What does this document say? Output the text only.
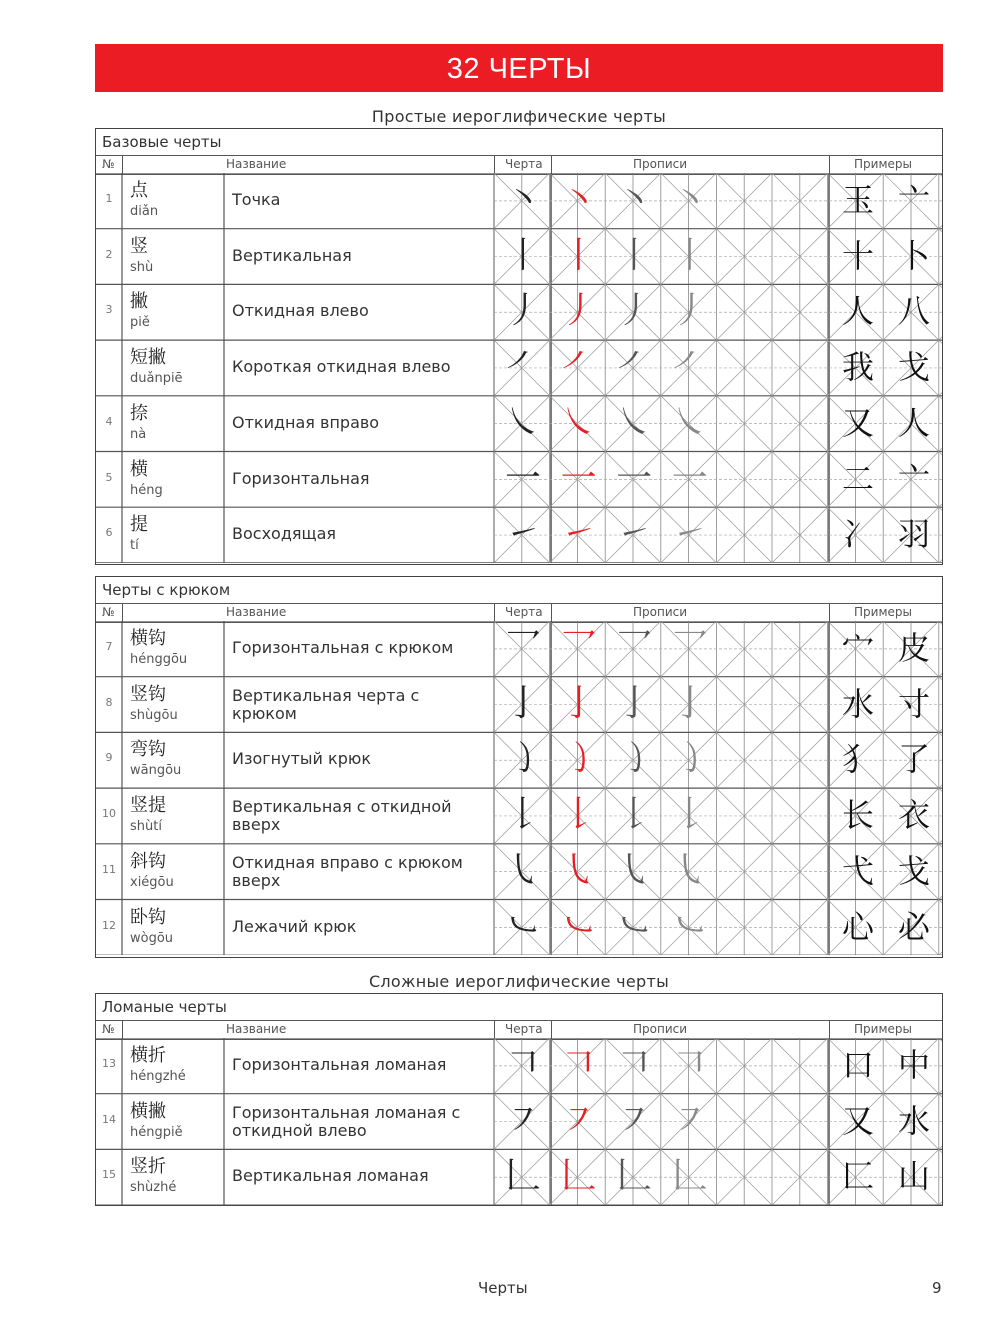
32 ЧЕРТЫ
Простые иероглифические черты
Сложные иероглифические черты
Базовые черты
№	Название	Черта	Прописи	Примеры
1 点
diǎn
Точка	㇔ ㇔ ㇔ ㇔	玉 亠
2 竖
shù
Вертикальная	丨 丨 丨 丨	十 卜
3 撇
piě
Откидная влево	丿 丿 丿 丿	人 八
短撇
duǎnpiē
Короткая откидная влево	㇒ ㇒ ㇒ ㇒	我 戈
4 捺
nà
Откидная вправо	㇏ ㇏ ㇏ ㇏	又 人
5 横
héng
Горизонтальная	一 一 一 一	二 亠
6 提
tí
Восходящая	㇀ ㇀ ㇀ ㇀	冫 羽
Черты с крюком
№	Название	Черта	Прописи	Примеры
7 横钩
hénggōu
Горизонтальная с крюком	乛 乛 乛 乛	宀 皮
8 竖钩
shùgōu
Вертикальная черта с крюком	亅 亅 亅 亅	水 寸
9 弯钩
wāngōu
Изогнутый крюк	㇁ ㇁ ㇁ ㇁	犭 了
10 竖提
shùtí
Вертикальная с откидной вверх	𠄌 𠄌 𠄌 𠄌	长 衣
11 斜钩
xiégōu
Откидная вправо с крюком вверх	㇂ ㇂ ㇂ ㇂	弋 戈
12 卧钩
wògōu
Лежачий крюк	㇃ ㇃ ㇃ ㇃	心 必
Ломаные черты
№	Название	Черта	Прописи	Примеры
13 横折
héngzhé
Горизонтальная ломаная	𠃍 𠃍 𠃍 𠃍	口 中
14 横撇
héngpiě
Горизонтальная ломаная с откидной влево	㇇ ㇇ ㇇ ㇇	又 水
15 竖折
shùzhé
Вертикальная ломаная	𠃊 𠃊 𠃊 𠃊	匚 山
Черты	9
